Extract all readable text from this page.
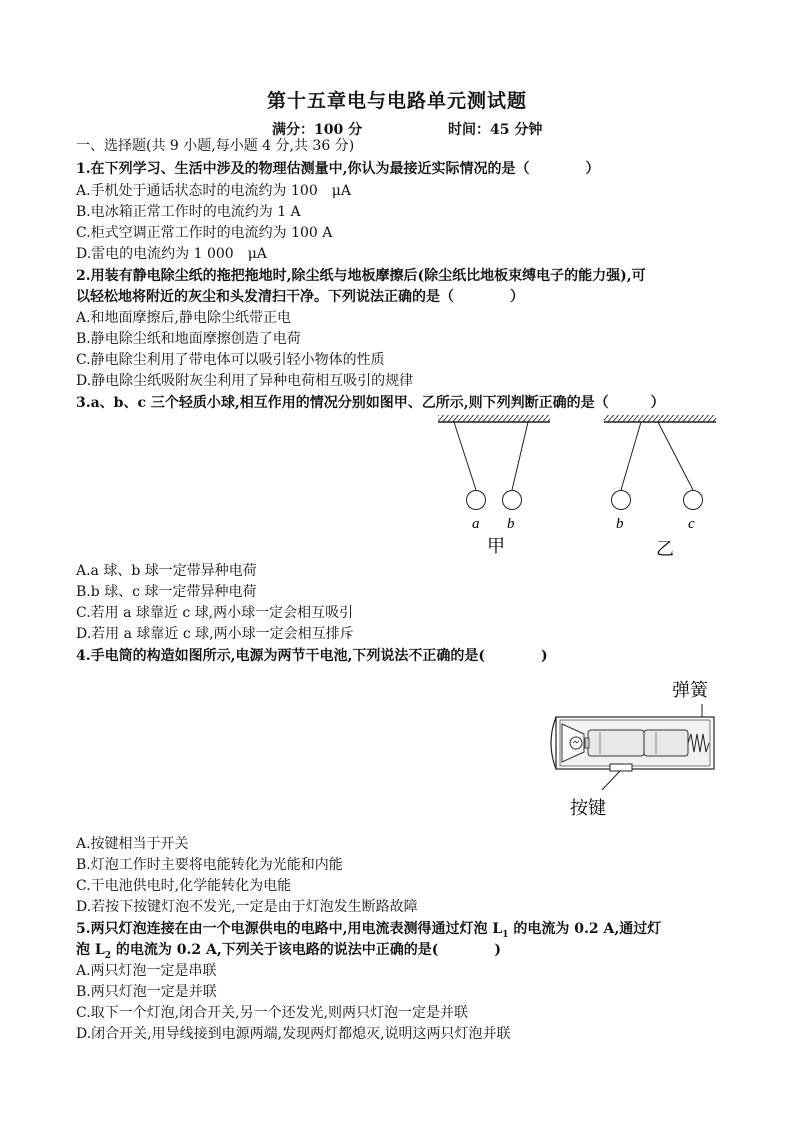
第十五章电与电路单元测试题
满分：100 分	时间：45 分钟
一、选择题(共 9 小题,每小题 4 分,共 36 分)
1.在下列学习、生活中涉及的物理估测量中,你认为最接近实际情况的是（　　　　）
A.手机处于通话状态时的电流约为 100　μA
B.电冰箱正常工作时的电流约为 1 A
C.柜式空调正常工作时的电流约为 100 A
D.雷电的电流约为 1 000　μA
2.用装有静电除尘纸的拖把拖地时,除尘纸与地板摩擦后(除尘纸比地板束缚电子的能力强),可
以轻松地将附近的灰尘和头发清扫干净。下列说法正确的是（　　　　）
A.和地面摩擦后,静电除尘纸带正电
B.静电除尘纸和地面摩擦创造了电荷
C.静电除尘利用了带电体可以吸引轻小物体的性质
D.静电除尘纸吸附灰尘利用了异种电荷相互吸引的规律
3.a、b、c 三个轻质小球,相互作用的情况分别如图甲、乙所示,则下列判断正确的是（　　　）
a b
甲
b	c
乙
A.a 球、b 球一定带异种电荷
B.b 球、c 球一定带异种电荷
C.若用 a 球靠近 c 球,两小球一定会相互吸引
D.若用 a 球靠近 c 球,两小球一定会相互排斥
4.手电筒的构造如图所示,电源为两节干电池,下列说法不正确的是(　　　　)
弹簧
按键
A.按键相当于开关
B.灯泡工作时主要将电能转化为光能和内能
C.干电池供电时,化学能转化为电能
D.若按下按键灯泡不发光,一定是由于灯泡发生断路故障
5.两只灯泡连接在由一个电源供电的电路中,用电流表测得通过灯泡 $L_1$ 的电流为 0.2 A,通过灯
泡 $L_2$ 的电流为 0.2 A,下列关于该电路的说法中正确的是(　　　　)
A.两只灯泡一定是串联
B.两只灯泡一定是并联
C.取下一个灯泡,闭合开关,另一个还发光,则两只灯泡一定是并联
D.闭合开关,用导线接到电源两端,发现两灯都熄灭,说明这两只灯泡并联
